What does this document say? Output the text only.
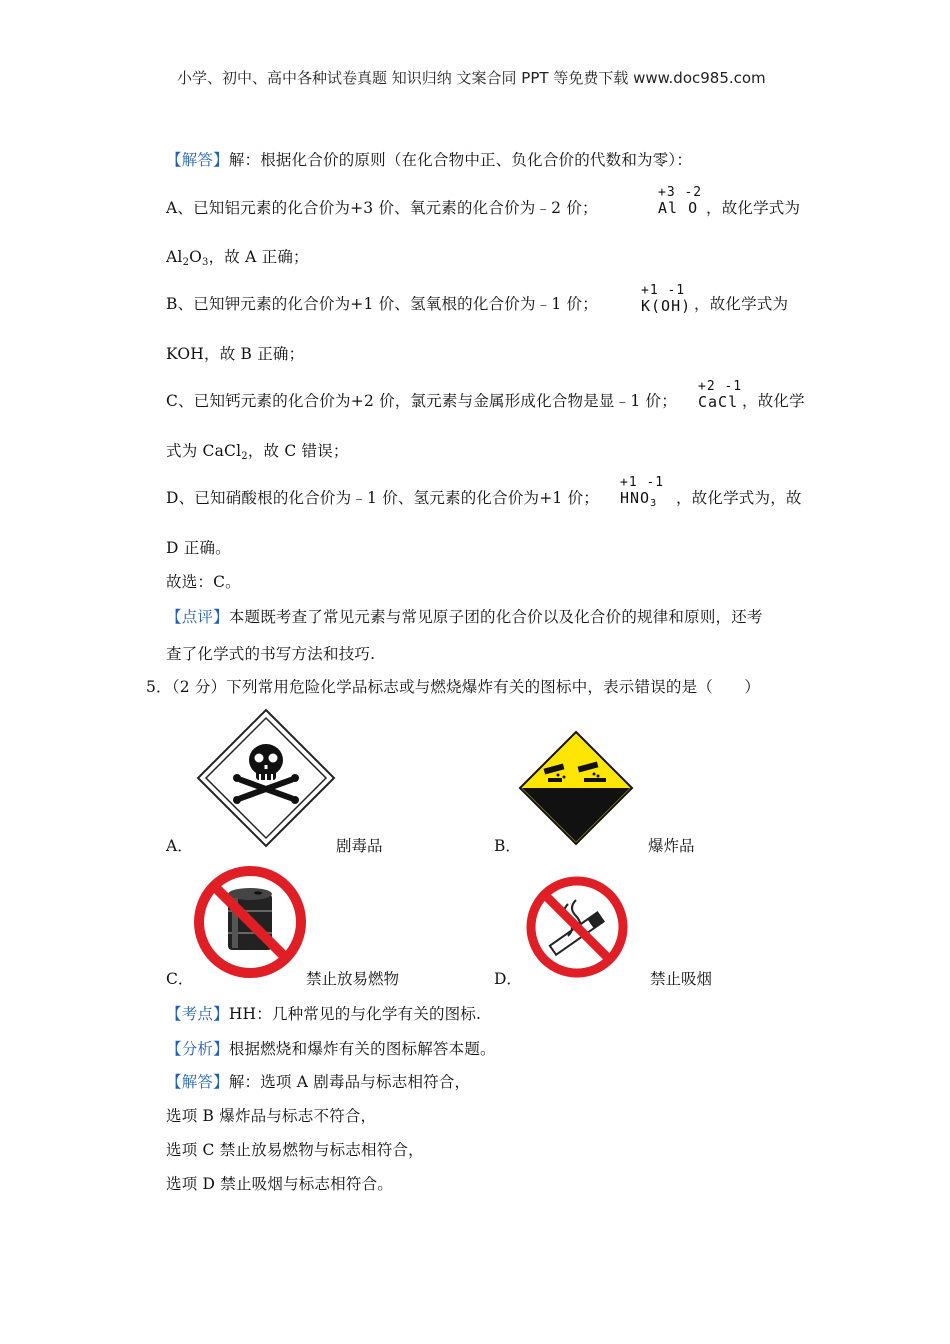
小学、初中、高中各种试卷真题 知识归纳 文案合同 PPT 等免费下载 www.doc985.com
【解答】解：根据化合价的原则（在化合物中正、负化合价的代数和为零）：
A、已知铝元素的化合价为+3 价、氧元素的化合价为﹣2 价；
+3 -2
Al O ，故化学式为
$Al_2O_3$，故 A 正确；
B、已知钾元素的化合价为+1 价、氢氧根的化合价为﹣1 价；
+1 -1
K(OH) ，故化学式为
KOH，故 B 正确；
C、已知钙元素的化合价为+2 价，氯元素与金属形成化合物是显﹣1 价；
+2 -1
CaCl ，故化学
式为 CaCl$_2$，故 C 错误；
D、已知硝酸根的化合价为﹣1 价、氢元素的化合价为+1 价；
+1 -1
$HNO_3$	，故化学式为，故
D 正确。
故选：C。
【点评】本题既考查了常见元素与常见原子团的化合价以及化合价的规律和原则，还考
查了化学式的书写方法和技巧.
5．（2 分）下列常用危险化学品标志或与燃烧爆炸有关的图标中，表示错误的是（　　）
A．	剧毒品	B．	爆炸品
C．	禁止放易燃物	D．	禁止吸烟
【考点】HH：几种常见的与化学有关的图标.
【分析】根据燃烧和爆炸有关的图标解答本题。
【解答】解：选项 A 剧毒品与标志相符合，
选项 B 爆炸品与标志不符合，
选项 C 禁止放易燃物与标志相符合，
选项 D 禁止吸烟与标志相符合。
